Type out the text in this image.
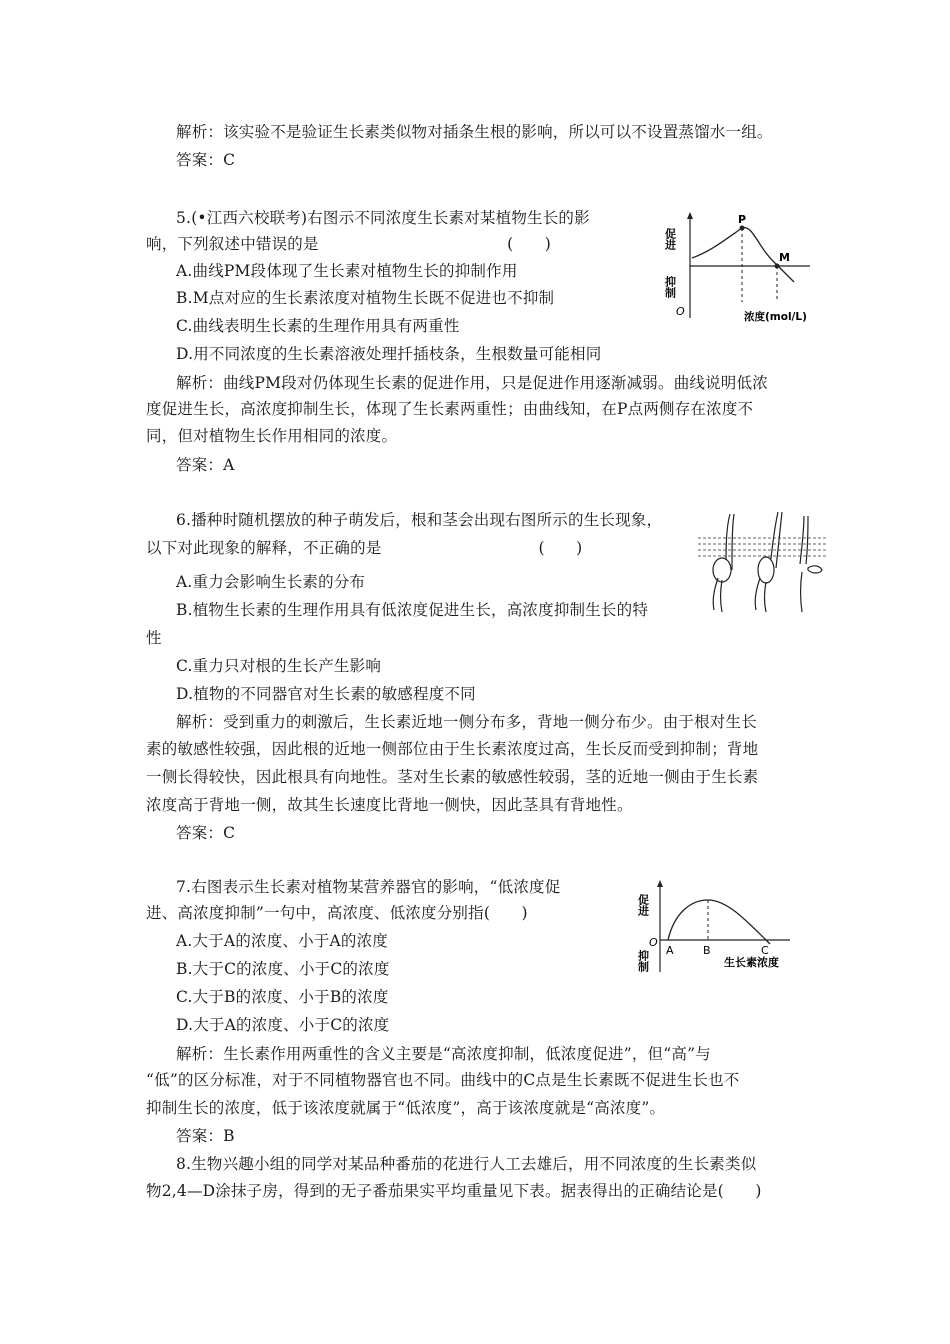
解析：该实验不是验证生长素类似物对插条生根的影响，所以可以不设置蒸馏水一组。
答案：C
5.(•江西六校联考)右图示不同浓度生长素对某植物生长的影
响，下列叙述中错误的是　　　　　　　　　　　　(　　)
A.曲线PM段体现了生长素对植物生长的抑制作用
B.M点对应的生长素浓度对植物生长既不促进也不抑制
C.曲线表明生长素的生理作用具有两重性
D.用不同浓度的生长素溶液处理扦插枝条，生根数量可能相同
解析：曲线PM段对仍体现生长素的促进作用，只是促进作用逐渐减弱。曲线说明低浓
度促进生长，高浓度抑制生长，体现了生长素两重性；由曲线知，在P点两侧存在浓度不
同，但对植物生长作用相同的浓度。
答案：A
P
M
促进
抑制
O	浓度(mol/L)
6.播种时随机摆放的种子萌发后，根和茎会出现右图所示的生长现象，
以下对此现象的解释，不正确的是　　　　　　　　　　(　　)
A.重力会影响生长素的分布
B.植物生长素的生理作用具有低浓度促进生长，高浓度抑制生长的特
性
C.重力只对根的生长产生影响
D.植物的不同器官对生长素的敏感程度不同
解析：受到重力的刺激后，生长素近地一侧分布多，背地一侧分布少。由于根对生长
素的敏感性较强，因此根的近地一侧部位由于生长素浓度过高，生长反而受到抑制；背地
一侧长得较快，因此根具有向地性。茎对生长素的敏感性较弱，茎的近地一侧由于生长素
浓度高于背地一侧，故其生长速度比背地一侧快，因此茎具有背地性。
答案：C
7.右图表示生长素对植物某营养器官的影响，“低浓度促
进、高浓度抑制”一句中，高浓度、低浓度分别指(　　)
A.大于A的浓度、小于A的浓度
B.大于C的浓度、小于C的浓度
C.大于B的浓度、小于B的浓度
D.大于A的浓度、小于C的浓度
解析：生长素作用两重性的含义主要是“高浓度抑制，低浓度促进”，但“高”与
“低”的区分标准，对于不同植物器官也不同。曲线中的C点是生长素既不促进生长也不
抑制生长的浓度，低于该浓度就属于“低浓度”，高于该浓度就是“高浓度”。
答案：B
促进
O
抑制 A	B	C
生长素浓度
8.生物兴趣小组的同学对某品种番茄的花进行人工去雄后，用不同浓度的生长素类似
物2,4—D涂抹子房，得到的无子番茄果实平均重量见下表。据表得出的正确结论是(　　)
